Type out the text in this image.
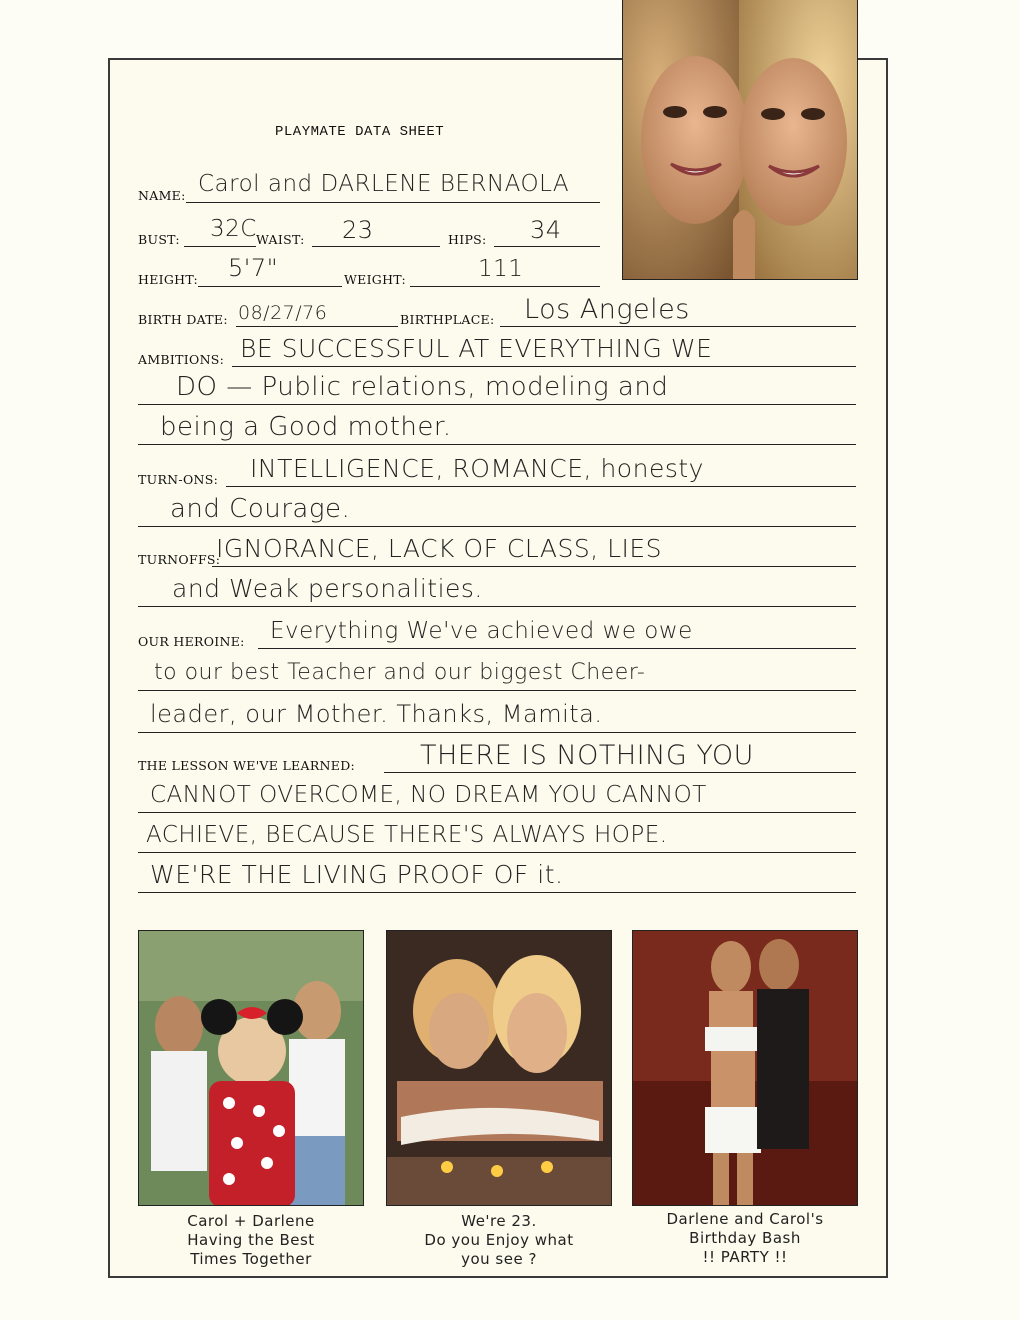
PLAYMATE DATA SHEET
NAME: Carol and DARLENE BERNAOLA
BUST: 32C WAIST: 23	HIPS: 34
HEIGHT: 5'7"	WEIGHT:	111
BIRTH DATE: 08/27/76	BIRTHPLACE: Los Angeles
AMBITIONS: BE SUCCESSFUL AT EVERYTHING WE
DO — Public relations, modeling and
being a Good mother.
TURN-ONS: INTELLIGENCE, ROMANCE, honesty
and Courage.
TURNOFFS:
IGNORANCE, LACK OF CLASS, LIES
and Weak personalities.
OUR HEROINE: Everything We've achieved we owe
to our best Teacher and our biggest Cheer-
leader, our Mother. Thanks, Mamita.
THE LESSON WE'VE LEARNED: THERE IS NOTHING YOU
CANNOT OVERCOME, NO DREAM YOU CANNOT
ACHIEVE, BECAUSE THERE'S ALWAYS HOPE.
WE'RE THE LIVING PROOF OF it.
Carol + Darlene
Having the Best
Times Together
We're 23.
Do you Enjoy what
you see ?
Darlene and Carol's
Birthday Bash
!! PARTY !!
